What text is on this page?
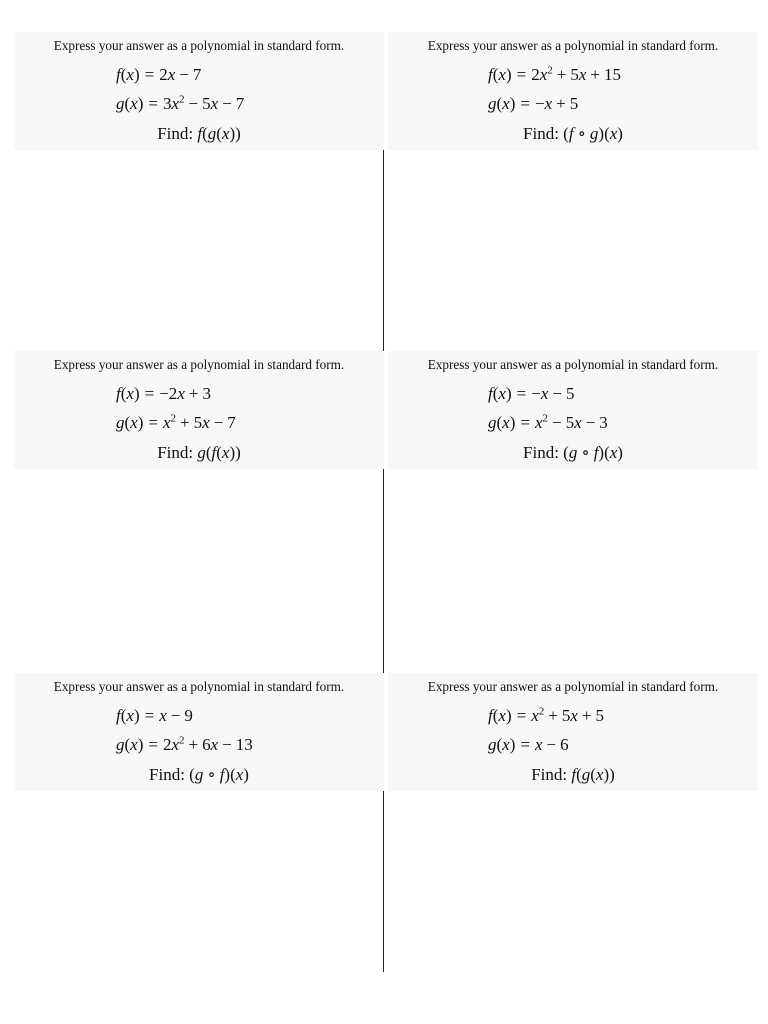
Express your answer as a polynomial in standard form.
f(x) = 2x − 7
$g(x) = 3x^2 - 5x - 7$
Find: f(g(x))
Express your answer as a polynomial in standard form.
$f(x) = 2x^2 + 5x + 15$
g(x) = −x + 5
Find: (f ∘ g)(x)
Express your answer as a polynomial in standard form.
f(x) = −2x + 3
$g(x) = x^2 + 5x - 7$
Find: g(f(x))
Express your answer as a polynomial in standard form.
f(x) = −x − 5
$g(x) = x^2 - 5x - 3$
Find: (g ∘ f)(x)
Express your answer as a polynomial in standard form.
f(x) = x − 9
$g(x) = 2x^2 + 6x - 13$
Find: (g ∘ f)(x)
Express your answer as a polynomial in standard form.
$f(x) = x^2 + 5x + 5$
g(x) = x − 6
Find: f(g(x))
